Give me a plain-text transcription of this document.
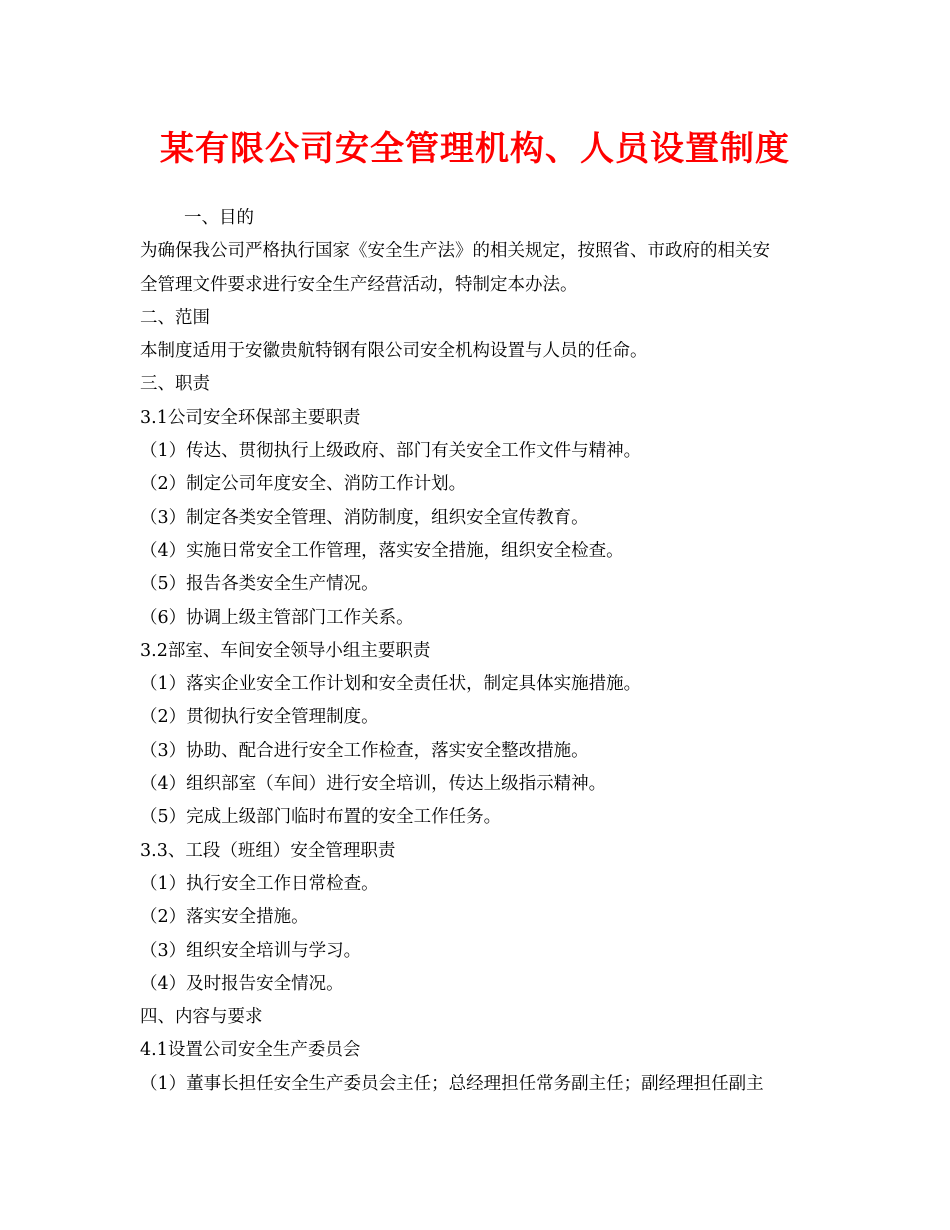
某有限公司安全管理机构、人员设置制度
一、目的
为确保我公司严格执行国家《安全生产法》的相关规定，按照省、市政府的相关安
全管理文件要求进行安全生产经营活动，特制定本办法。
二、范围
本制度适用于安徽贵航特钢有限公司安全机构设置与人员的任命。
三、职责
3.1公司安全环保部主要职责
（1）传达、贯彻执行上级政府、部门有关安全工作文件与精神。
（2）制定公司年度安全、消防工作计划。
（3）制定各类安全管理、消防制度，组织安全宣传教育。
（4）实施日常安全工作管理，落实安全措施，组织安全检查。
（5）报告各类安全生产情况。
（6）协调上级主管部门工作关系。
3.2部室、车间安全领导小组主要职责
（1）落实企业安全工作计划和安全责任状，制定具体实施措施。
（2）贯彻执行安全管理制度。
（3）协助、配合进行安全工作检查，落实安全整改措施。
（4）组织部室（车间）进行安全培训，传达上级指示精神。
（5）完成上级部门临时布置的安全工作任务。
3.3、工段（班组）安全管理职责
（1）执行安全工作日常检查。
（2）落实安全措施。
（3）组织安全培训与学习。
（4）及时报告安全情况。
四、内容与要求
4.1设置公司安全生产委员会
（1）董事长担任安全生产委员会主任；总经理担任常务副主任；副经理担任副主
